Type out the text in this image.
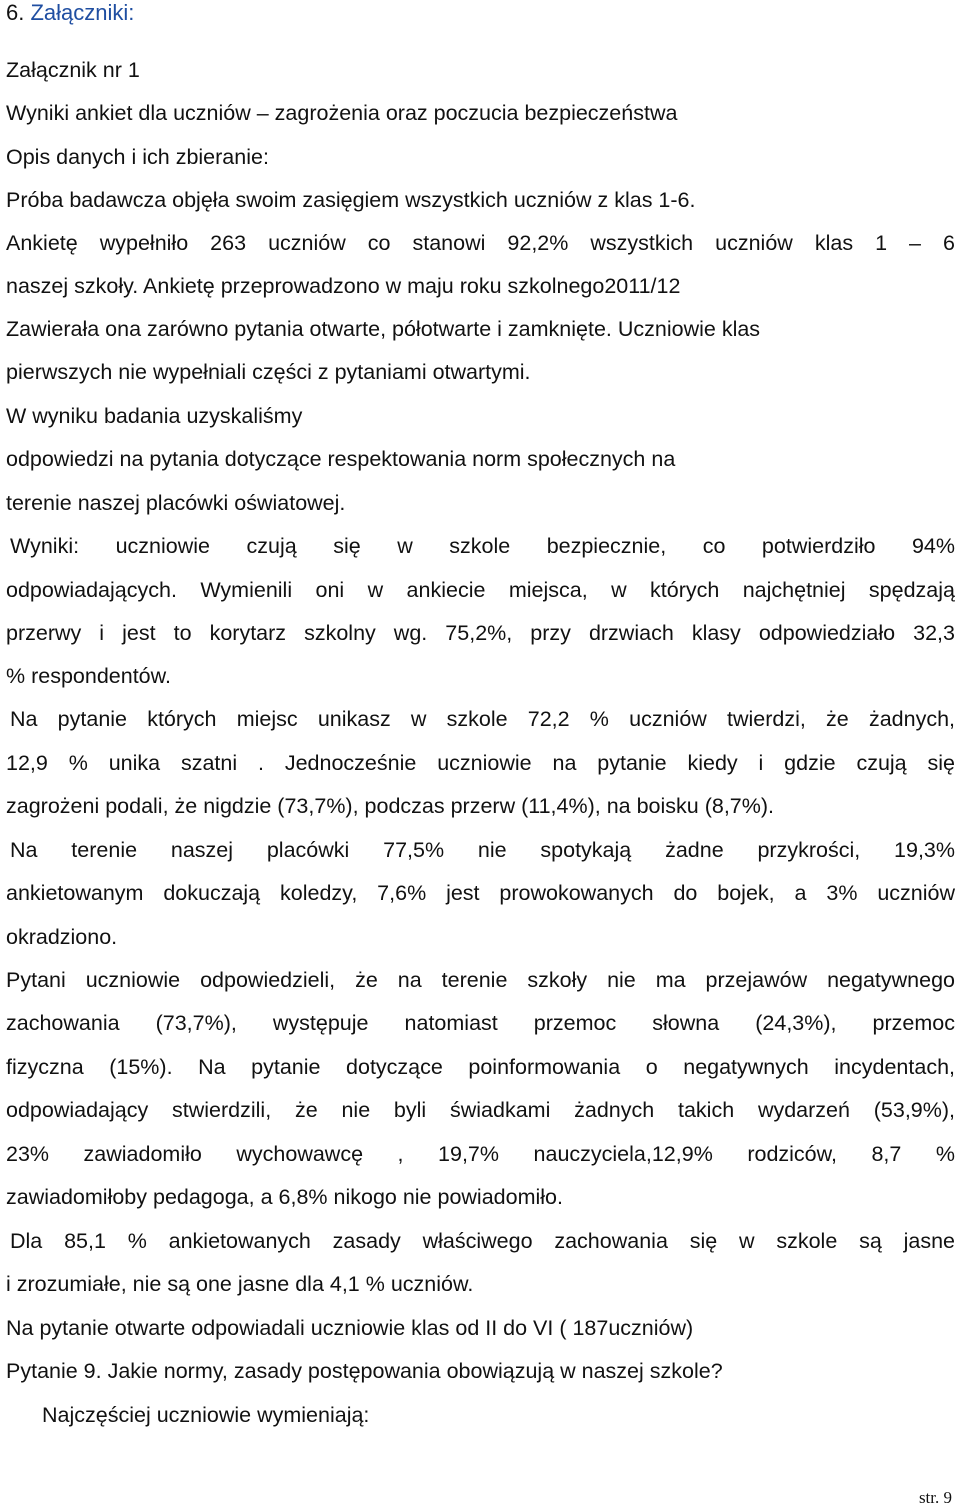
6. Załączniki:
Załącznik nr 1
Wyniki ankiet dla uczniów – zagrożenia oraz poczucia bezpieczeństwa
Opis danych i ich zbieranie:
Próba badawcza objęła swoim zasięgiem wszystkich uczniów z klas 1-6.
Ankietę wypełniło 263 uczniów co stanowi 92,2% wszystkich uczniów klas 1 – 6
naszej szkoły. Ankietę przeprowadzono w maju roku szkolnego2011/12
Zawierała ona zarówno pytania otwarte, półotwarte i zamknięte. Uczniowie klas
pierwszych nie wypełniali części z pytaniami otwartymi.
W wyniku badania uzyskaliśmy
odpowiedzi na pytania dotyczące respektowania norm społecznych na
terenie naszej placówki oświatowej.
Wyniki: uczniowie czują się w szkole bezpiecznie, co potwierdziło 94%
odpowiadających. Wymienili oni w ankiecie miejsca, w których najchętniej spędzają
przerwy i jest to korytarz szkolny wg. 75,2%, przy drzwiach klasy odpowiedziało 32,3
% respondentów.
Na pytanie których miejsc unikasz w szkole 72,2 % uczniów twierdzi, że żadnych,
12,9 % unika szatni . Jednocześnie uczniowie na pytanie kiedy i gdzie czują się
zagrożeni podali, że nigdzie (73,7%), podczas przerw (11,4%), na boisku (8,7%).
Na terenie naszej placówki 77,5% nie spotykają żadne przykrości, 19,3%
ankietowanym dokuczają koledzy, 7,6% jest prowokowanych do bojek, a 3% uczniów
okradziono.
Pytani uczniowie odpowiedzieli, że na terenie szkoły nie ma przejawów negatywnego
zachowania (73,7%), występuje natomiast przemoc słowna (24,3%), przemoc
fizyczna (15%). Na pytanie dotyczące poinformowania o negatywnych incydentach,
odpowiadający stwierdzili, że nie byli świadkami żadnych takich wydarzeń (53,9%),
23% zawiadomiło wychowawcę , 19,7% nauczyciela,12,9% rodziców, 8,7 %
zawiadomiłoby pedagoga, a 6,8% nikogo nie powiadomiło.
Dla 85,1 % ankietowanych zasady właściwego zachowania się w szkole są jasne
i zrozumiałe, nie są one jasne dla 4,1 % uczniów.
Na pytanie otwarte odpowiadali uczniowie klas od II do VI ( 187uczniów)
Pytanie 9. Jakie normy, zasady postępowania obowiązują w naszej szkole?
Najczęściej uczniowie wymieniają:
str. 9
